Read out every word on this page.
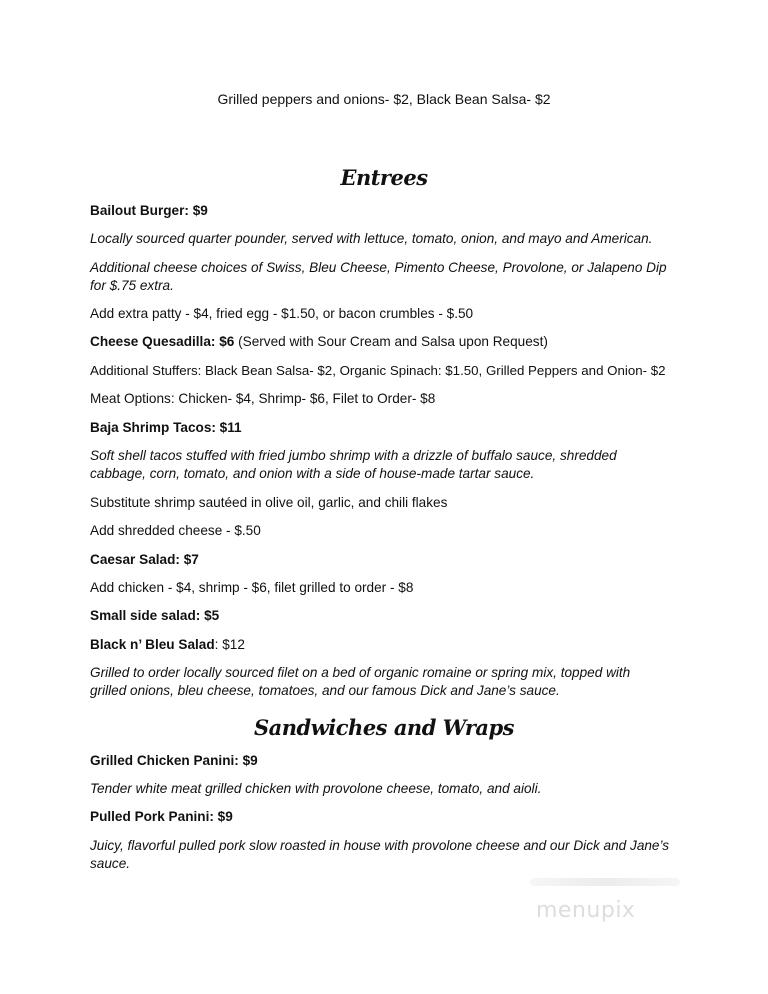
Grilled peppers and onions- $2, Black Bean Salsa- $2
Entrees

Bailout Burger: $9

Locally sourced quarter pounder, served with lettuce, tomato, onion, and mayo and American.

Additional cheese choices of Swiss, Bleu Cheese, Pimento Cheese, Provolone, or Jalapeno Dip for $.75 extra.

Add extra patty - $4, fried egg - $1.50, or bacon crumbles - $.50

Cheese Quesadilla: $6 (Served with Sour Cream and Salsa upon Request)

Additional Stuffers: Black Bean Salsa- $2, Organic Spinach: $1.50, Grilled Peppers and Onion- $2

Meat Options: Chicken- $4, Shrimp- $6, Filet to Order- $8

Baja Shrimp Tacos: $11

Soft shell tacos stuffed with fried jumbo shrimp with a drizzle of buffalo sauce, shredded cabbage, corn, tomato, and onion with a side of house-made tartar sauce.

Substitute shrimp sautéed in olive oil, garlic, and chili flakes

Add shredded cheese - $.50

Caesar Salad: $7

Add chicken - $4, shrimp - $6, filet grilled to order - $8

Small side salad: $5

Black n’ Bleu Salad: $12

Grilled to order locally sourced filet on a bed of organic romaine or spring mix, topped with grilled onions, bleu cheese, tomatoes, and our famous Dick and Jane’s sauce.

Sandwiches and Wraps

Grilled Chicken Panini: $9

Tender white meat grilled chicken with provolone cheese, tomato, and aioli.

Pulled Pork Panini: $9

Juicy, flavorful pulled pork slow roasted in house with provolone cheese and our Dick and Jane’s sauce.

menupix
